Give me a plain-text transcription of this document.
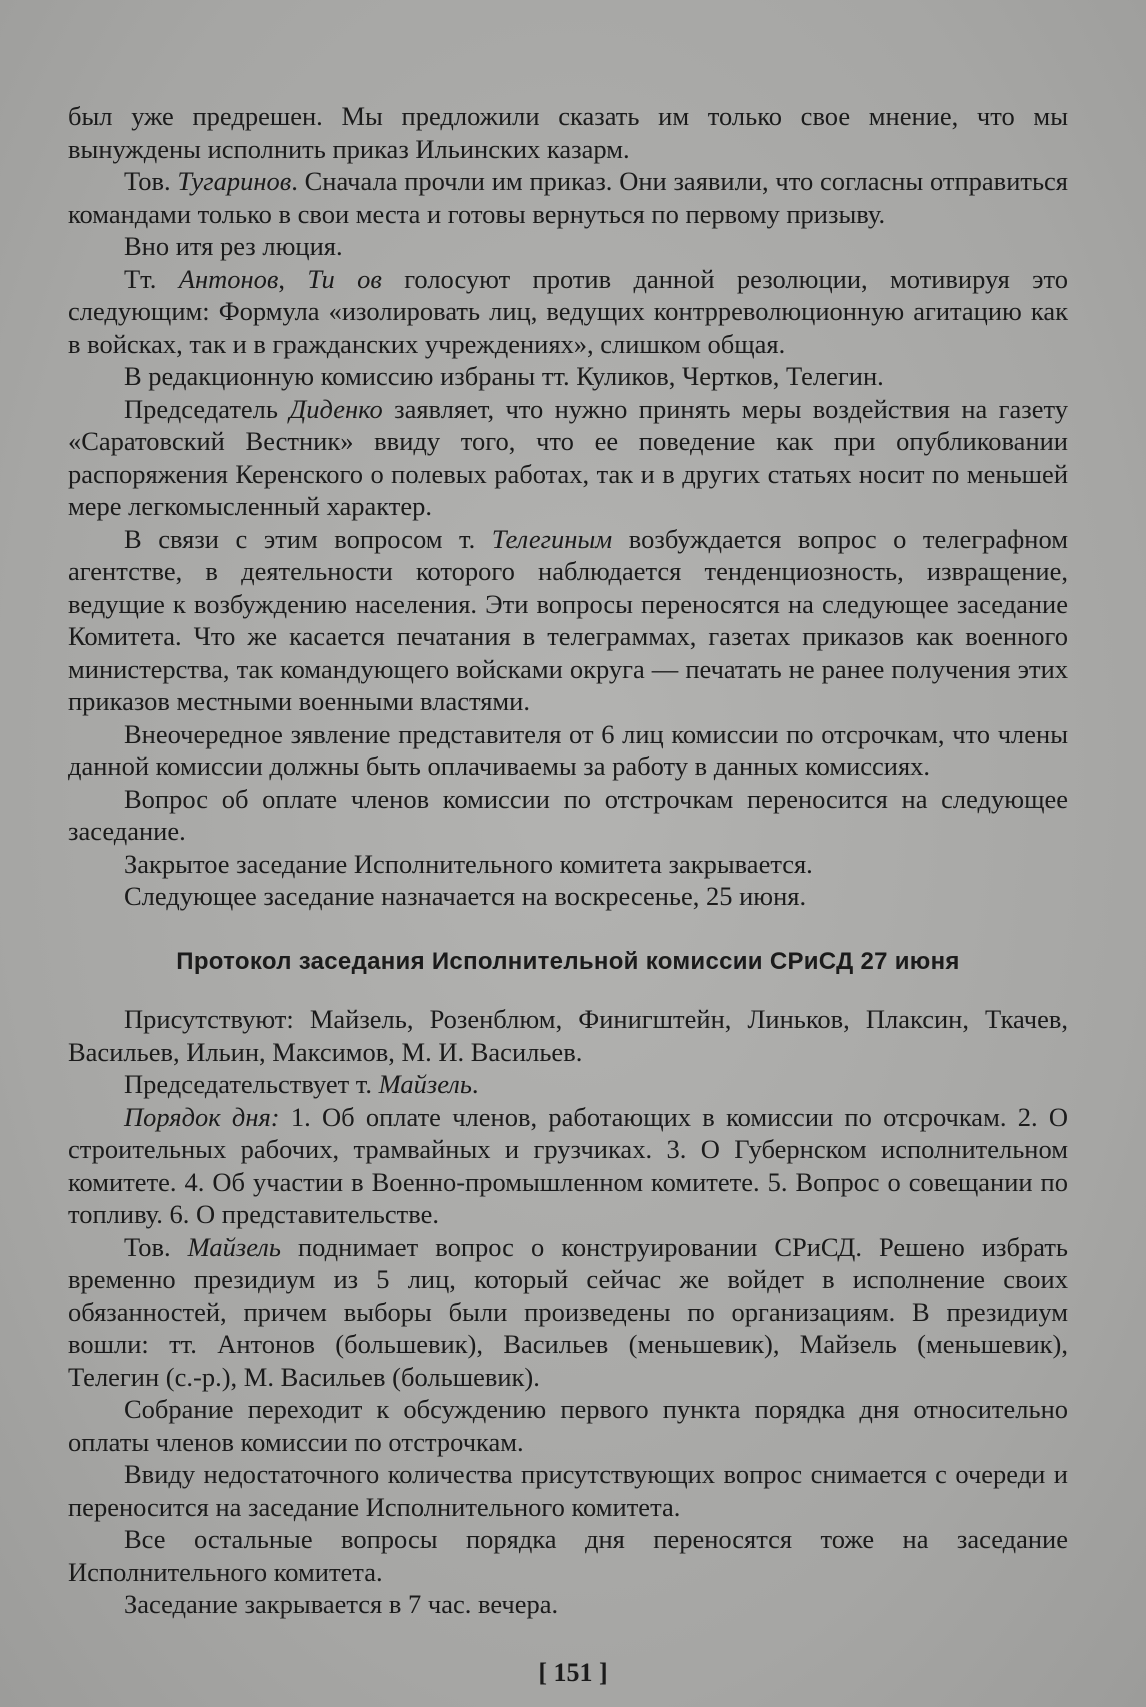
был уже предрешен. Мы предложили сказать им только свое мнение, что мы вынуждены исполнить приказ Ильинских казарм.

Тов. Тугаринов. Сначала прочли им приказ. Они заявили, что согласны отправиться командами только в свои места и готовы вернуться по первому призыву.

Вно итя рез люция.

Тт. Антонов, Ти ов голосуют против данной резолюции, мотивируя это следующим: Формула «изолировать лиц, ведущих контрреволюционную агитацию как в войсках, так и в гражданских учреждениях», слишком общая.

В редакционную комиссию избраны тт. Куликов, Чертков, Телегин.

Председатель Диденко заявляет, что нужно принять меры воздействия на газету «Саратовский Вестник» ввиду того, что ее поведение как при опубликовании распоряжения Керенского о полевых работах, так и в других статьях носит по меньшей мере легкомысленный характер.

В связи с этим вопросом т. Телегиным возбуждается вопрос о телеграфном агентстве, в деятельности которого наблюдается тенденциозность, извращение, ведущие к возбуждению населения. Эти вопросы переносятся на следующее заседание Комитета. Что же касается печатания в телеграммах, газетах приказов как военного министерства, так командующего войсками округа — печатать не ранее получения этих приказов местными военными властями.

Внеочередное зявление представителя от 6 лиц комиссии по отсрочкам, что члены данной комиссии должны быть оплачиваемы за работу в данных комиссиях.

Вопрос об оплате членов комиссии по отстрочкам переносится на следующее заседание.

Закрытое заседание Исполнительного комитета закрывается.

Следующее заседание назначается на воскресенье, 25 июня.

Протокол заседания Исполнительной комиссии СРиСД 27 июня

Присутствуют: Майзель, Розенблюм, Финигштейн, Линьков, Плаксин, Ткачев, Васильев, Ильин, Максимов, М. И. Васильев.

Председательствует т. Майзель.

Порядок дня: 1. Об оплате членов, работающих в комиссии по отсрочкам. 2. О строительных рабочих, трамвайных и грузчиках. 3. О Губернском исполнительном комитете. 4. Об участии в Военно-промышленном комитете. 5. Вопрос о совещании по топливу. 6. О представительстве.

Тов. Майзель поднимает вопрос о конструировании СРиСД. Решено избрать временно президиум из 5 лиц, который сейчас же войдет в исполнение своих обязанностей, причем выборы были произведены по организациям. В президиум вошли: тт. Антонов (большевик), Васильев (меньшевик), Майзель (меньшевик), Телегин (с.-р.), М. Васильев (большевик).

Собрание переходит к обсуждению первого пункта порядка дня относительно оплаты членов комиссии по отстрочкам.

Ввиду недостаточного количества присутствующих вопрос снимается с очереди и переносится на заседание Исполнительного комитета.

Все остальные вопросы порядка дня переносятся тоже на заседание Исполнительного комитета.

Заседание закрывается в 7 час. вечера.

[ 151 ]
